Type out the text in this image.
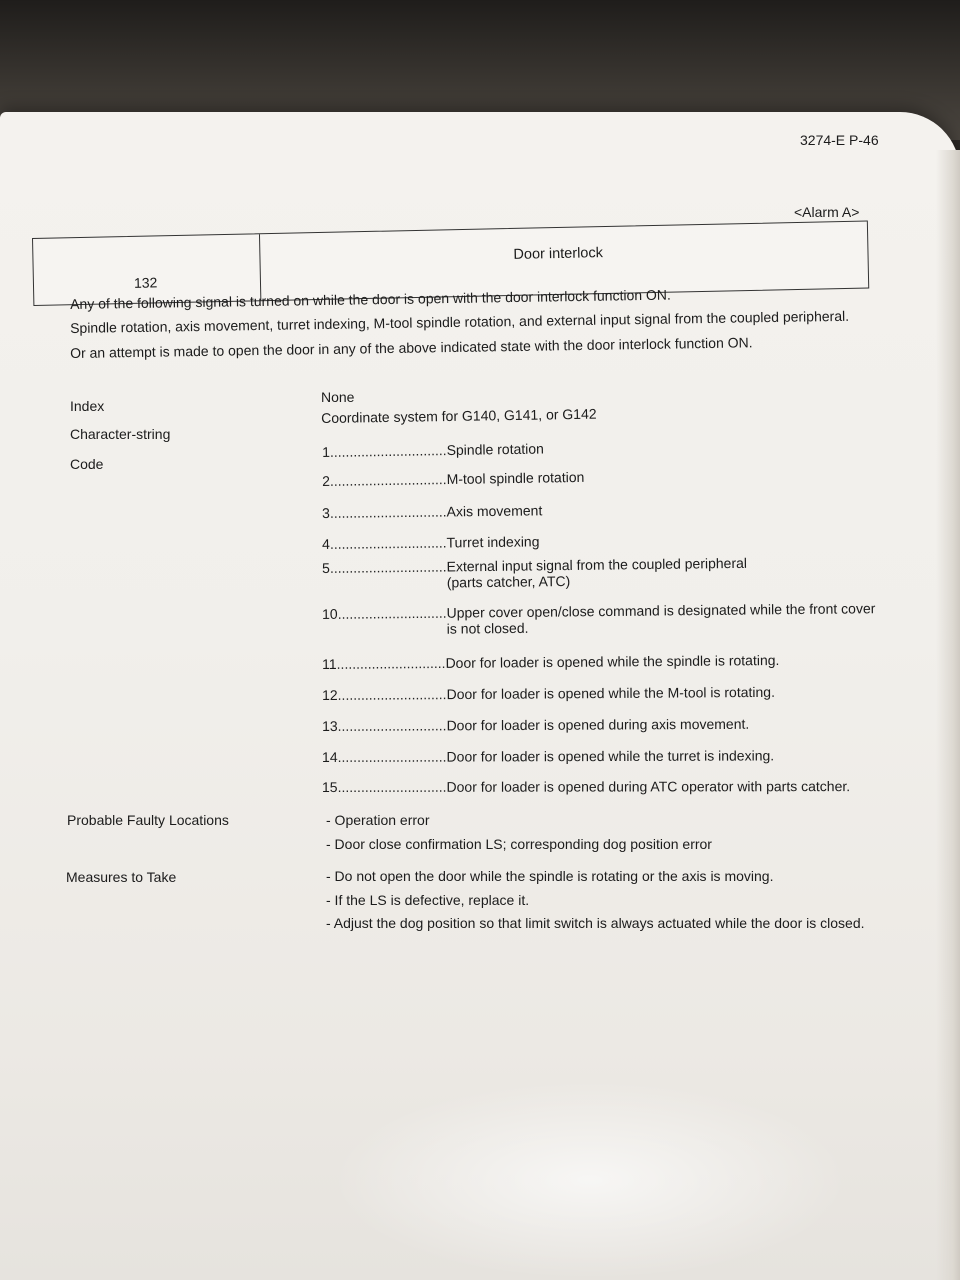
3274-E P-46
<Alarm A>
132
Door interlock
Any of the following signal is turned on while the door is open with the door interlock function ON.
Spindle rotation, axis movement, turret indexing, M-tool spindle rotation, and external input signal from the coupled peripheral.
Or an attempt is made to open the door in any of the above indicated state with the door interlock function ON.
Index
None
Character-string
Coordinate system for G140, G141, or G142
Code
1 .............................. Spindle rotation
2 .............................. M-tool spindle rotation
3 .............................. Axis movement
4 .............................. Turret indexing
5 .............................. External input signal from the coupled peripheral (parts catcher, ATC)
10 ............................ Upper cover open/close command is designated while the front cover is not closed.
11 ............................ Door for loader is opened while the spindle is rotating.
12 ............................ Door for loader is opened while the M-tool is rotating.
13 ............................ Door for loader is opened during axis movement.
14 ............................ Door for loader is opened while the turret is indexing.
15 ............................ Door for loader is opened during ATC operator with parts catcher.
Probable Faulty Locations	- Operation error
- Door close confirmation LS; corresponding dog position error
Measures to Take	- Do not open the door while the spindle is rotating or the axis is moving.
- If the LS is defective, replace it.
- Adjust the dog position so that limit switch is always actuated while the door is closed.
